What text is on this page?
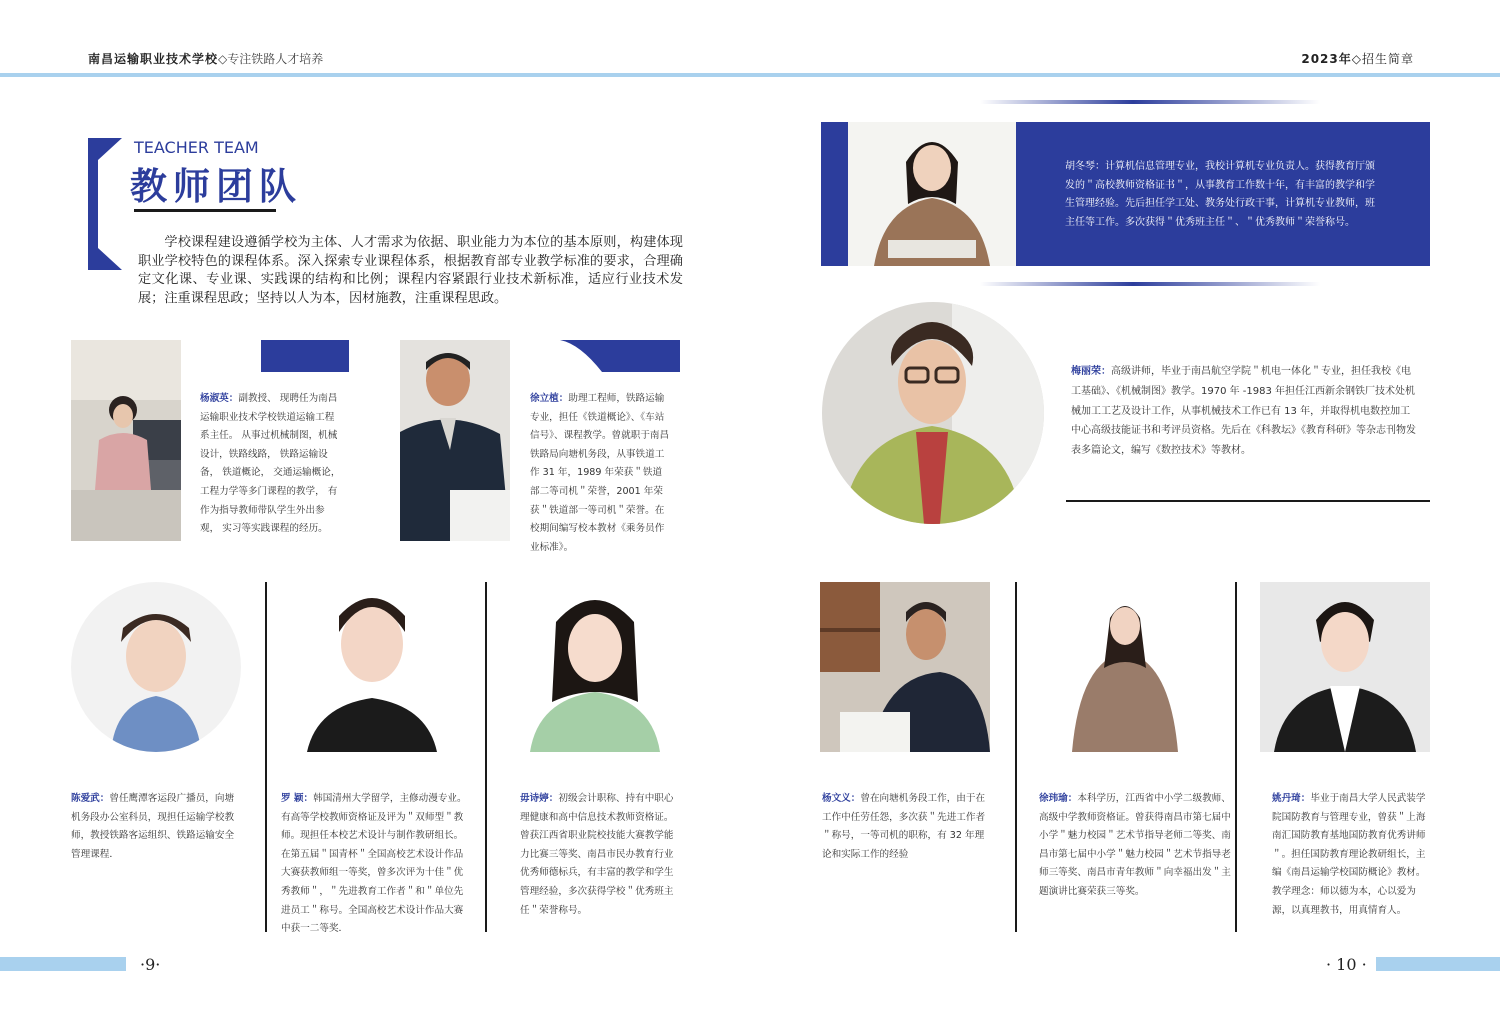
南昌运输职业技术学校◇专注铁路人才培养	2023年◇招生简章
TEACHER TEAM
教师团队
学校课程建设遵循学校为主体、人才需求为依据、职业能力为本位的基本原则，构建体现职业学校特色的课程体系。深入探索专业课程体系，根据教育部专业教学标准的要求，合理确定文化课、专业课、实践课的结构和比例；课程内容紧跟行业技术新标准，适应行业技术发展；注重课程思政；坚持以人为本，因材施教，注重课程思政。
杨淑英：副教授、 现聘任为南昌运输职业技术学校铁道运输工程系主任。 从事过机械制图，机械设计，铁路线路， 铁路运输设备， 铁道概论， 交通运输概论， 工程力学等多门课程的教学， 有作为指导教师带队学生外出参观， 实习等实践课程的经历。
徐立植：助理工程师，铁路运输专业，担任《铁道概论》、《车站信号》、课程教学。曾就职于南昌铁路局向塘机务段，从事铁道工作 31 年，1989 年荣获＂铁道部二等司机＂荣誉，2001 年荣获＂铁道部一等司机＂荣誉。在校期间编写校本教材《乘务员作业标准》。
陈爱武：曾任鹰潭客运段广播员，向塘机务段办公室科员，现担任运输学校教师，教授铁路客运组织、铁路运输安全管理课程．
罗 颖：韩国清州大学留学，主修动漫专业。有高等学校教师资格证及评为＂双师型＂教师。现担任本校艺术设计与制作教研组长。在第五届＂国青杯＂全国高校艺术设计作品大赛获教师组一等奖，曾多次评为十佳＂优秀教师＂，＂先进教育工作者＂和＂单位先进员工＂称号。全国高校艺术设计作品大赛中获一二等奖．
毋诗婷：初级会计职称、持有中职心理健康和高中信息技术教师资格证。曾获江西省职业院校技能大赛教学能力比赛三等奖、南昌市民办教育行业优秀师德标兵，有丰富的教学和学生管理经验，多次获得学校＂优秀班主任＂荣誉称号。
·9·
胡冬琴：计算机信息管理专业，我校计算机专业负责人。获得教育厅颁发的＂高校教师资格证书＂，从事教育工作数十年，有丰富的教学和学生管理经验。先后担任学工处、教务处行政干事，计算机专业教师，班主任等工作。多次获得＂优秀班主任＂、＂优秀教师＂荣誉称号。
梅丽荣：高级讲师，毕业于南昌航空学院＂机电一体化＂专业，担任我校《电工基础》、《机械制图》教学。1970 年 -1983 年担任江西新余钢铁厂技术处机械加工工艺及设计工作，从事机械技术工作已有 13 年，并取得机电数控加工中心高级技能证书和考评员资格。先后在《科教坛》《教育科研》等杂志刊物发表多篇论文，编写《数控技术》等教材。
杨文义：曾在向塘机务段工作，由于在工作中任劳任怨，多次获＂先进工作者＂称号，一等司机的职称，有 32 年理论和实际工作的经验
徐玮瑜：本科学历，江西省中小学二级教师、高级中学教师资格证。曾获得南昌市第七届中小学＂魅力校园＂艺术节指导老师二等奖、南昌市第七届中小学＂魅力校园＂艺术节指导老师三等奖、南昌市青年教师＂向幸福出发＂主题演讲比赛荣获三等奖。
姚丹琦：毕业于南昌大学人民武装学院国防教育与管理专业，曾获＂上海南汇国防教育基地国防教育优秀讲师＂。担任国防教育理论教研组长，主编《南昌运输学校国防概论》教材。教学理念：师以德为本，心以爱为源，以真理教书，用真情育人。
· 10 ·
